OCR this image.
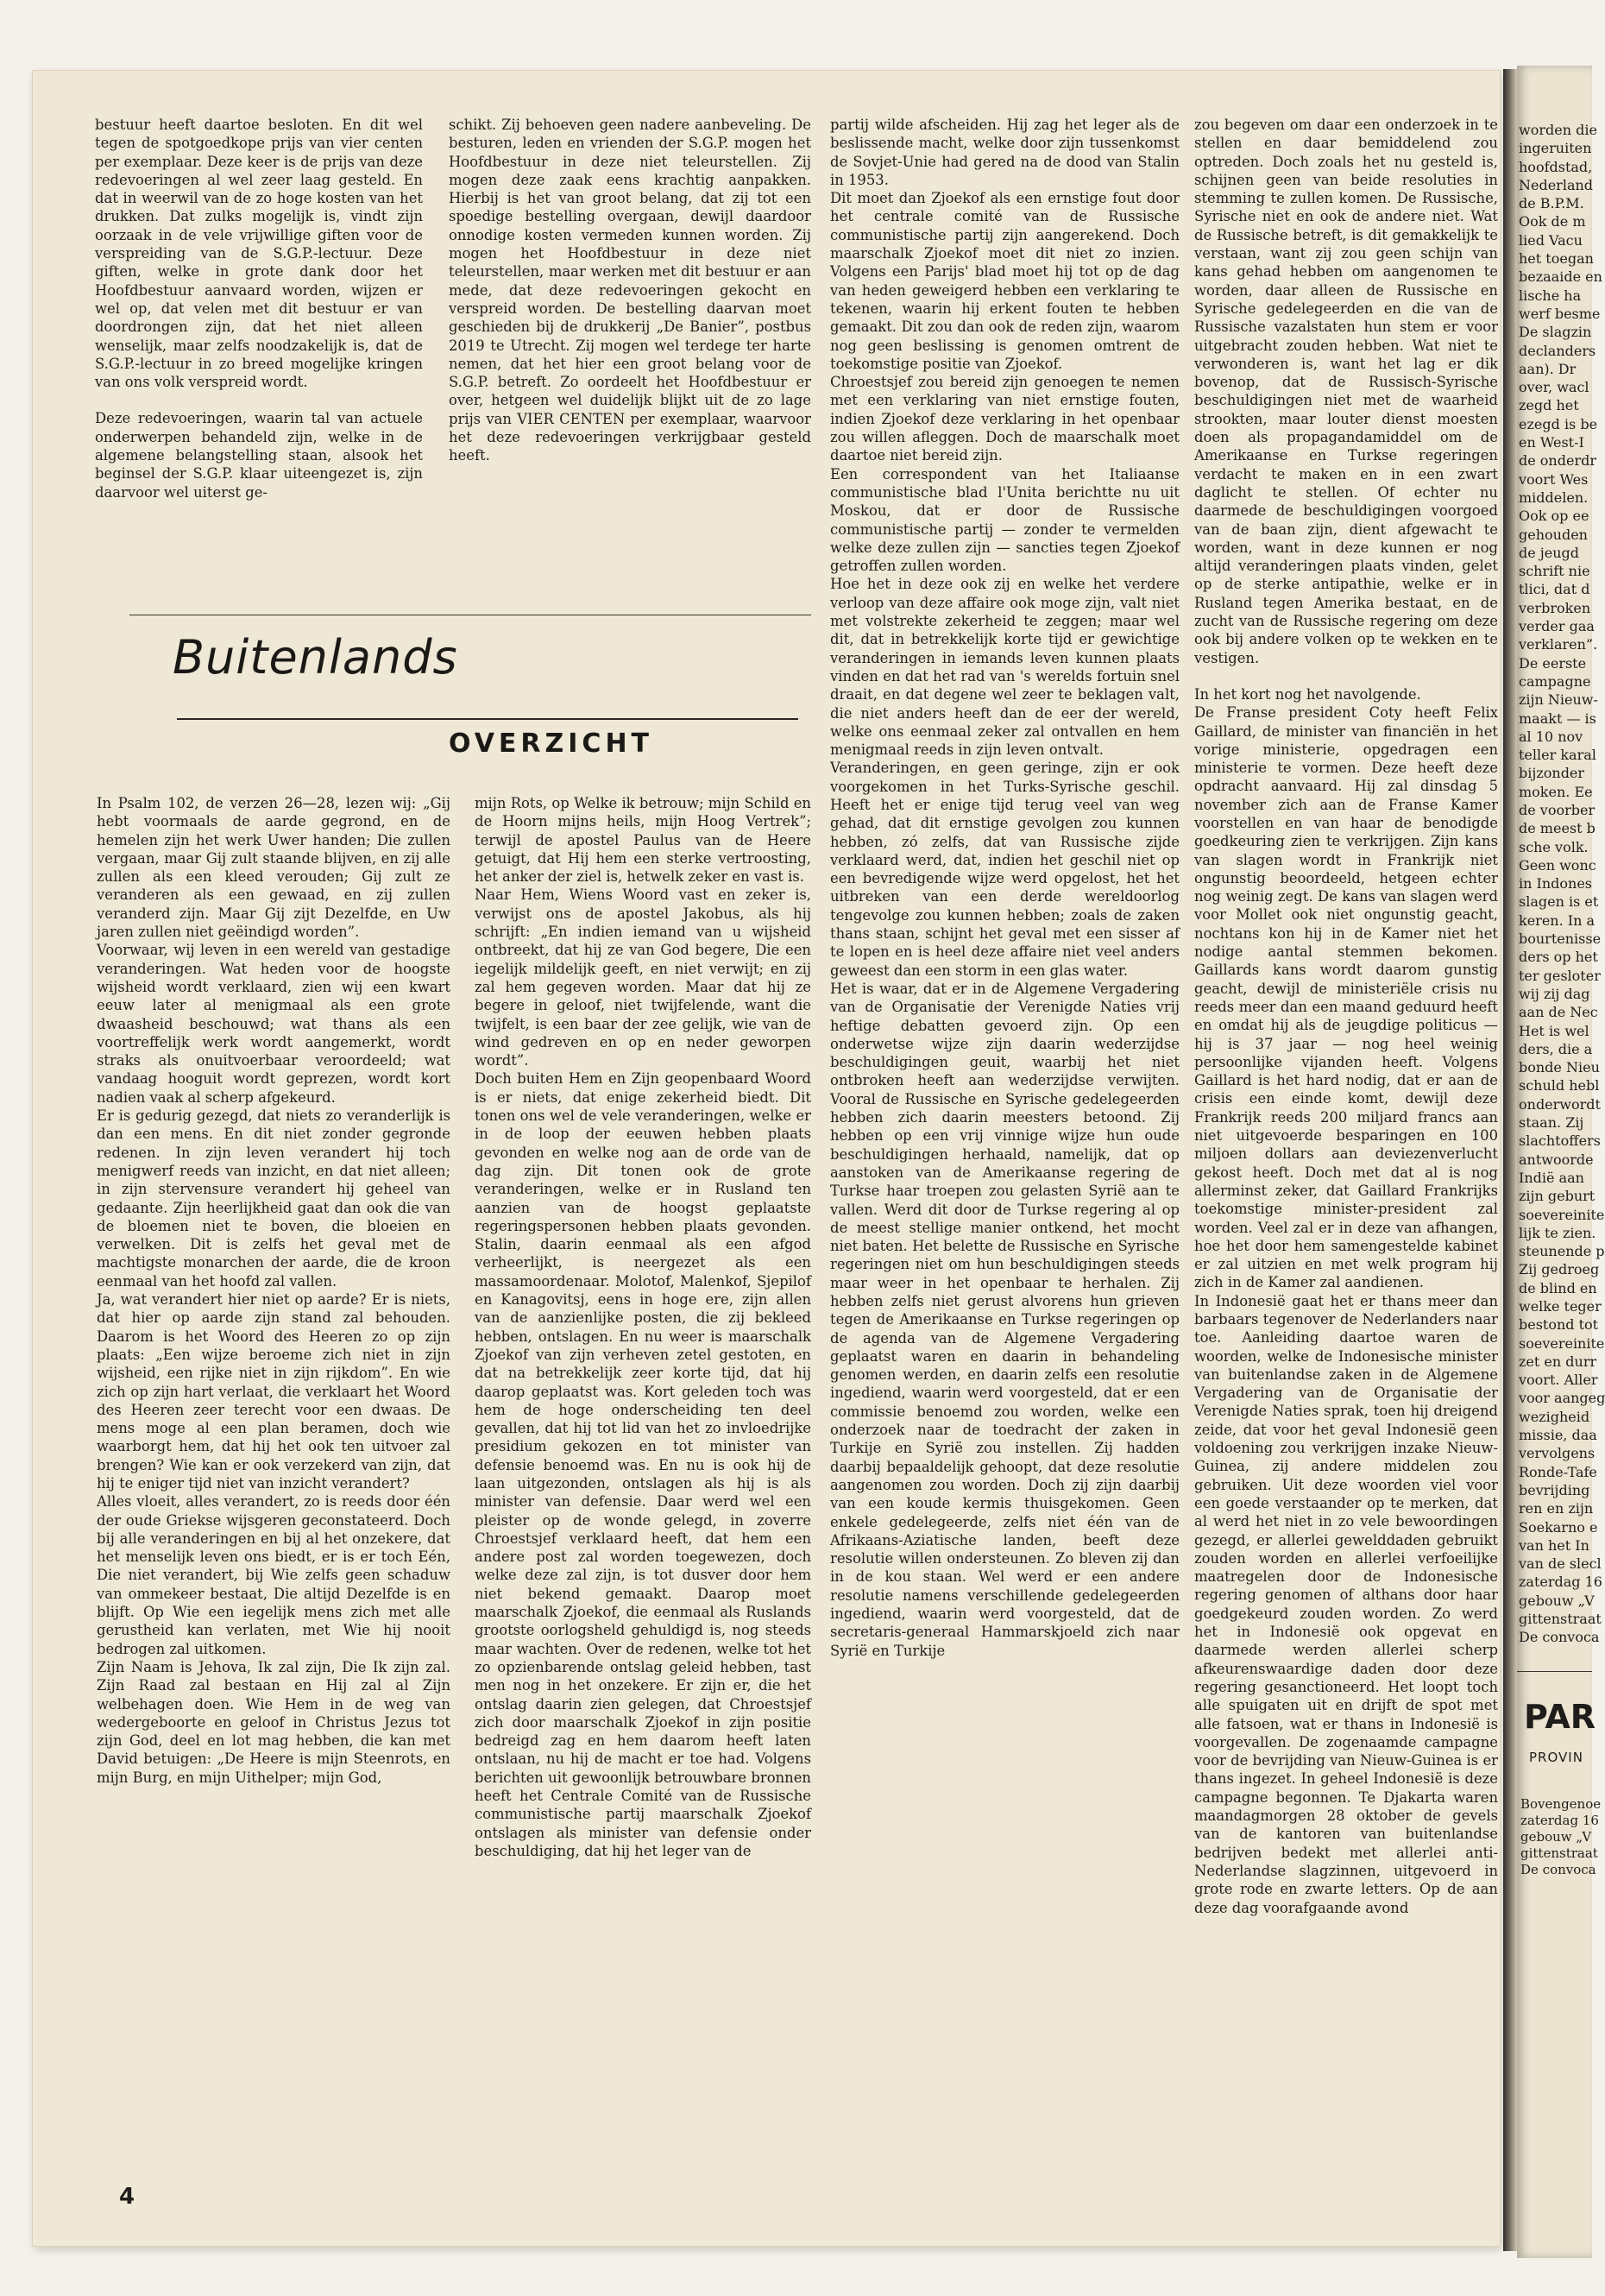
bestuur heeft daartoe besloten. En dit wel tegen de spotgoedkope prijs van vier centen per exemplaar. Deze keer is de prijs van deze redevoeringen al wel zeer laag gesteld. En dat in weerwil van de zo hoge kosten van het drukken. Dat zulks mogelijk is, vindt zijn oorzaak in de vele vrijwillige giften voor de verspreiding van de S.G.P.-lectuur. Deze giften, welke in grote dank door het Hoofdbestuur aanvaard worden, wijzen er wel op, dat velen met dit bestuur er van doordrongen zijn, dat het niet alleen wenselijk, maar zelfs noodzakelijk is, dat de S.G.P.-lectuur in zo breed mogelijke kringen van ons volk verspreid wordt.

Deze redevoeringen, waarin tal van actuele onderwerpen behandeld zijn, welke in de algemene belangstelling staan, alsook het beginsel der S.G.P. klaar uiteengezet is, zijn daarvoor wel uiterst ge-

schikt. Zij behoeven geen nadere aanbeveling. De besturen, leden en vrienden der S.G.P. mogen het Hoofdbestuur in deze niet teleurstellen. Zij mogen deze zaak eens krachtig aanpakken. Hierbij is het van groot belang, dat zij tot een spoedige bestelling overgaan, dewijl daardoor onnodige kosten vermeden kunnen worden. Zij mogen het Hoofdbestuur in deze niet teleurstellen, maar werken met dit bestuur er aan mede, dat deze redevoeringen gekocht en verspreid worden. De bestelling daarvan moet geschieden bij de drukkerij „De Banier”, postbus 2019 te Utrecht. Zij mogen wel terdege ter harte nemen, dat het hier een groot belang voor de S.G.P. betreft. Zo oordeelt het Hoofdbestuur er over, hetgeen wel duidelijk blijkt uit de zo lage prijs van VIER CENTEN per exemplaar, waarvoor het deze redevoeringen verkrijgbaar gesteld heeft.

Buitenlands
OVERZICHT

In Psalm 102, de verzen 26—28, lezen wij: „Gij hebt voormaals de aarde gegrond, en de hemelen zijn het werk Uwer handen; Die zullen vergaan, maar Gij zult staande blijven, en zij alle zullen als een kleed verouden; Gij zult ze veranderen als een gewaad, en zij zullen veranderd zijn. Maar Gij zijt Dezelfde, en Uw jaren zullen niet geëindigd worden”.

Voorwaar, wij leven in een wereld van gestadige veranderingen. Wat heden voor de hoogste wijsheid wordt verklaard, zien wij een kwart eeuw later al menigmaal als een grote dwaasheid beschouwd; wat thans als een voortreffelijk werk wordt aangemerkt, wordt straks als onuitvoerbaar veroordeeld; wat vandaag hooguit wordt geprezen, wordt kort nadien vaak al scherp afgekeurd.

Er is gedurig gezegd, dat niets zo veranderlijk is dan een mens. En dit niet zonder gegronde redenen. In zijn leven verandert hij toch menigwerf reeds van inzicht, en dat niet alleen; in zijn stervensure verandert hij geheel van gedaante. Zijn heerlijkheid gaat dan ook die van de bloemen niet te boven, die bloeien en verwelken. Dit is zelfs het geval met de machtigste monarchen der aarde, die de kroon eenmaal van het hoofd zal vallen.

Ja, wat verandert hier niet op aarde? Er is niets, dat hier op aarde zijn stand zal behouden. Daarom is het Woord des Heeren zo op zijn plaats: „Een wijze beroeme zich niet in zijn wijsheid, een rijke niet in zijn rijkdom”. En wie zich op zijn hart verlaat, die verklaart het Woord des Heeren zeer terecht voor een dwaas. De mens moge al een plan beramen, doch wie waarborgt hem, dat hij het ook ten uitvoer zal brengen? Wie kan er ook verzekerd van zijn, dat hij te eniger tijd niet van inzicht verandert?

Alles vloeit, alles verandert, zo is reeds door één der oude Griekse wijsgeren geconstateerd. Doch bij alle veranderingen en bij al het onzekere, dat het menselijk leven ons biedt, er is er toch Eén, Die niet verandert, bij Wie zelfs geen schaduw van ommekeer bestaat, Die altijd Dezelfde is en blijft. Op Wie een iegelijk mens zich met alle gerustheid kan verlaten, met Wie hij nooit bedrogen zal uitkomen.

Zijn Naam is Jehova, Ik zal zijn, Die Ik zijn zal. Zijn Raad zal bestaan en Hij zal al Zijn welbehagen doen. Wie Hem in de weg van wedergeboorte en geloof in Christus Jezus tot zijn God, deel en lot mag hebben, die kan met David betuigen: „De Heere is mijn Steenrots, en mijn Burg, en mijn Uithelper; mijn God,

mijn Rots, op Welke ik betrouw; mijn Schild en de Hoorn mijns heils, mijn Hoog Vertrek”; terwijl de apostel Paulus van de Heere getuigt, dat Hij hem een sterke vertroosting, het anker der ziel is, hetwelk zeker en vast is.

Naar Hem, Wiens Woord vast en zeker is, verwijst ons de apostel Jakobus, als hij schrijft: „En indien iemand van u wijsheid ontbreekt, dat hij ze van God begere, Die een iegelijk mildelijk geeft, en niet verwijt; en zij zal hem gegeven worden. Maar dat hij ze begere in geloof, niet twijfelende, want die twijfelt, is een baar der zee gelijk, wie van de wind gedreven en op en neder geworpen wordt”.

Doch buiten Hem en Zijn geopenbaard Woord is er niets, dat enige zekerheid biedt. Dit tonen ons wel de vele veranderingen, welke er in de loop der eeuwen hebben plaats gevonden en welke nog aan de orde van de dag zijn. Dit tonen ook de grote veranderingen, welke er in Rusland ten aanzien van de hoogst geplaatste regeringspersonen hebben plaats gevonden. Stalin, daarin eenmaal als een afgod verheerlijkt, is neergezet als een massamoordenaar. Molotof, Malenkof, Sjepilof en Kanagovitsj, eens in hoge ere, zijn allen van de aanzienlijke posten, die zij bekleed hebben, ontslagen. En nu weer is maarschalk Zjoekof van zijn verheven zetel gestoten, en dat na betrekkelijk zeer korte tijd, dat hij daarop geplaatst was. Kort geleden toch was hem de hoge onderscheiding ten deel gevallen, dat hij tot lid van het zo invloedrijke presidium gekozen en tot minister van defensie benoemd was. En nu is ook hij de laan uitgezonden, ontslagen als hij is als minister van defensie. Daar werd wel een pleister op de wonde gelegd, in zoverre Chroestsjef verklaard heeft, dat hem een andere post zal worden toegewezen, doch welke deze zal zijn, is tot dusver door hem niet bekend gemaakt. Daarop moet maarschalk Zjoekof, die eenmaal als Ruslands grootste oorlogsheld gehuldigd is, nog steeds maar wachten. Over de redenen, welke tot het zo opzienbarende ontslag geleid hebben, tast men nog in het onzekere. Er zijn er, die het ontslag daarin zien gelegen, dat Chroestsjef zich door maarschalk Zjoekof in zijn positie bedreigd zag en hem daarom heeft laten ontslaan, nu hij de macht er toe had. Volgens berichten uit gewoonlijk betrouwbare bronnen heeft het Centrale Comité van de Russische communistische partij maarschalk Zjoekof ontslagen als minister van defensie onder beschuldiging, dat hij het leger van de

partij wilde afscheiden. Hij zag het leger als de beslissende macht, welke door zijn tussenkomst de Sovjet-Unie had gered na de dood van Stalin in 1953.

Dit moet dan Zjoekof als een ernstige fout door het centrale comité van de Russische communistische partij zijn aangerekend. Doch maarschalk Zjoekof moet dit niet zo inzien. Volgens een Parijs' blad moet hij tot op de dag van heden geweigerd hebben een verklaring te tekenen, waarin hij erkent fouten te hebben gemaakt. Dit zou dan ook de reden zijn, waarom nog geen beslissing is genomen omtrent de toekomstige positie van Zjoekof.

Chroestsjef zou bereid zijn genoegen te nemen met een verklaring van niet ernstige fouten, indien Zjoekof deze verklaring in het openbaar zou willen afleggen. Doch de maarschalk moet daartoe niet bereid zijn.

Een correspondent van het Italiaanse communistische blad l'Unita berichtte nu uit Moskou, dat er door de Russische communistische partij — zonder te vermelden welke deze zullen zijn — sancties tegen Zjoekof getroffen zullen worden.

Hoe het in deze ook zij en welke het verdere verloop van deze affaire ook moge zijn, valt niet met volstrekte zekerheid te zeggen; maar wel dit, dat in betrekkelijk korte tijd er gewichtige veranderingen in iemands leven kunnen plaats vinden en dat het rad van 's werelds fortuin snel draait, en dat degene wel zeer te beklagen valt, die niet anders heeft dan de eer der wereld, welke ons eenmaal zeker zal ontvallen en hem menigmaal reeds in zijn leven ontvalt.

Veranderingen, en geen geringe, zijn er ook voorgekomen in het Turks-Syrische geschil. Heeft het er enige tijd terug veel van weg gehad, dat dit ernstige gevolgen zou kunnen hebben, zó zelfs, dat van Russische zijde verklaard werd, dat, indien het geschil niet op een bevredigende wijze werd opgelost, het het uitbreken van een derde wereldoorlog tengevolge zou kunnen hebben; zoals de zaken thans staan, schijnt het geval met een sisser af te lopen en is heel deze affaire niet veel anders geweest dan een storm in een glas water.

Het is waar, dat er in de Algemene Vergadering van de Organisatie der Verenigde Naties vrij heftige debatten gevoerd zijn. Op een onderwetse wijze zijn daarin wederzijdse beschuldigingen geuit, waarbij het niet ontbroken heeft aan wederzijdse verwijten. Vooral de Russische en Syrische gedelegeerden hebben zich daarin meesters betoond. Zij hebben op een vrij vinnige wijze hun oude beschuldigingen herhaald, namelijk, dat op aanstoken van de Amerikaanse regering de Turkse haar troepen zou gelasten Syrië aan te vallen. Werd dit door de Turkse regering al op de meest stellige manier ontkend, het mocht niet baten. Het belette de Russische en Syrische regeringen niet om hun beschuldigingen steeds maar weer in het openbaar te herhalen. Zij hebben zelfs niet gerust alvorens hun grieven tegen de Amerikaanse en Turkse regeringen op de agenda van de Algemene Vergadering geplaatst waren en daarin in behandeling genomen werden, en daarin zelfs een resolutie ingediend, waarin werd voorgesteld, dat er een commissie benoemd zou worden, welke een onderzoek naar de toedracht der zaken in Turkije en Syrië zou instellen. Zij hadden daarbij bepaaldelijk gehoopt, dat deze resolutie aangenomen zou worden. Doch zij zijn daarbij van een koude kermis thuisgekomen. Geen enkele gedelegeerde, zelfs niet één van de Afrikaans-Aziatische landen, beeft deze resolutie willen ondersteunen. Zo bleven zij dan in de kou staan. Wel werd er een andere resolutie namens verschillende gedelegeerden ingediend, waarin werd voorgesteld, dat de secretaris-generaal Hammarskjoeld zich naar Syrië en Turkije

zou begeven om daar een onderzoek in te stellen en daar bemiddelend zou optreden. Doch zoals het nu gesteld is, schijnen geen van beide resoluties in stemming te zullen komen. De Russische, Syrische niet en ook de andere niet. Wat de Russische betreft, is dit gemakkelijk te verstaan, want zij zou geen schijn van kans gehad hebben om aangenomen te worden, daar alleen de Russische en Syrische gedelegeerden en die van de Russische vazalstaten hun stem er voor uitgebracht zouden hebben. Wat niet te verwonderen is, want het lag er dik bovenop, dat de Russisch-Syrische beschuldigingen niet met de waarheid strookten, maar louter dienst moesten doen als propagandamiddel om de Amerikaanse en Turkse regeringen verdacht te maken en in een zwart daglicht te stellen. Of echter nu daarmede de beschuldigingen voorgoed van de baan zijn, dient afgewacht te worden, want in deze kunnen er nog altijd veranderingen plaats vinden, gelet op de sterke antipathie, welke er in Rusland tegen Amerika bestaat, en de zucht van de Russische regering om deze ook bij andere volken op te wekken en te vestigen.

In het kort nog het navolgende.

De Franse president Coty heeft Felix Gaillard, de minister van financiën in het vorige ministerie, opgedragen een ministerie te vormen. Deze heeft deze opdracht aanvaard. Hij zal dinsdag 5 november zich aan de Franse Kamer voorstellen en van haar de benodigde goedkeuring zien te verkrijgen. Zijn kans van slagen wordt in Frankrijk niet ongunstig beoordeeld, hetgeen echter nog weinig zegt. De kans van slagen werd voor Mollet ook niet ongunstig geacht, nochtans kon hij in de Kamer niet het nodige aantal stemmen bekomen. Gaillards kans wordt daarom gunstig geacht, dewijl de ministeriële crisis nu reeds meer dan een maand geduurd heeft en omdat hij als de jeugdige politicus — hij is 37 jaar — nog heel weinig persoonlijke vijanden heeft. Volgens Gaillard is het hard nodig, dat er aan de crisis een einde komt, dewijl deze Frankrijk reeds 200 miljard francs aan niet uitgevoerde besparingen en 100 miljoen dollars aan deviezenverlucht gekost heeft. Doch met dat al is nog allerminst zeker, dat Gaillard Frankrijks toekomstige minister-president zal worden. Veel zal er in deze van afhangen, hoe het door hem samengestelde kabinet er zal uitzien en met welk program hij zich in de Kamer zal aandienen.

In Indonesië gaat het er thans meer dan barbaars tegenover de Nederlanders naar toe. Aanleiding daartoe waren de woorden, welke de Indonesische minister van buitenlandse zaken in de Algemene Vergadering van de Organisatie der Verenigde Naties sprak, toen hij dreigend zeide, dat voor het geval Indonesië geen voldoening zou verkrijgen inzake Nieuw-Guinea, zij andere middelen zou gebruiken. Uit deze woorden viel voor een goede verstaander op te merken, dat al werd het niet in zo vele bewoordingen gezegd, er allerlei gewelddaden gebruikt zouden worden en allerlei verfoeilijke maatregelen door de Indonesische regering genomen of althans door haar goedgekeurd zouden worden. Zo werd het in Indonesië ook opgevat en daarmede werden allerlei scherp afkeurenswaardige daden door deze regering gesanctioneerd. Het loopt toch alle spuigaten uit en drijft de spot met alle fatsoen, wat er thans in Indonesië is voorgevallen. De zogenaamde campagne voor de bevrijding van Nieuw-Guinea is er thans ingezet. In geheel Indonesië is deze campagne begonnen. Te Djakarta waren maandagmorgen 28 oktober de gevels van de kantoren van buitenlandse bedrijven bedekt met allerlei anti-Nederlandse slagzinnen, uitgevoerd in grote rode en zwarte letters. Op de aan deze dag voorafgaande avond

4
worden die
ingeruiten
hoofdstad,
Nederland
de B.P.M.
Ook de m
lied Vacu
het toegan
bezaaide en
lische ha
werf besme
De slagzin
declanders
aan). Dr
over, wacl
zegd het
ezegd is be
en West-I
de onderdr
voort Wes
middelen.
Ook op ee
gehouden
de jeugd
schrift nie
tlici, dat d
verbroken
verder gaa
verklaren”.
De eerste
campagne
zijn Nieuw-
maakt — is
al 10 nov
teller karal
bijzonder
moken. Ee
de voorber
de meest b
sche volk.
Geen wonc
in Indones
slagen is et
keren. In a
bourtenisse
ders op het
ter gesloter
wij zij dag
aan de Nec
Het is wel
ders, die a
bonde Nieu
schuld hebl
onderwordt
staan. Zij
slachtoffers
antwoorde
Indië aan
zijn geburt
soevereinite
lijk te zien.
steunende p
Zij gedroeg
de blind en
welke teger
bestond tot
soevereinite
zet en durr
voort. Aller
voor aangeg
wezigheid
missie, daa
vervolgens
Ronde-Tafe
bevrijding
ren en zijn
Soekarno e
van het In
van de slecl
zaterdag 16
gebouw „V
gittenstraat
De convoca
PAR
PROVIN
Bovengenoe
zaterdag 16
gebouw „V
gittenstraat
De convoca
